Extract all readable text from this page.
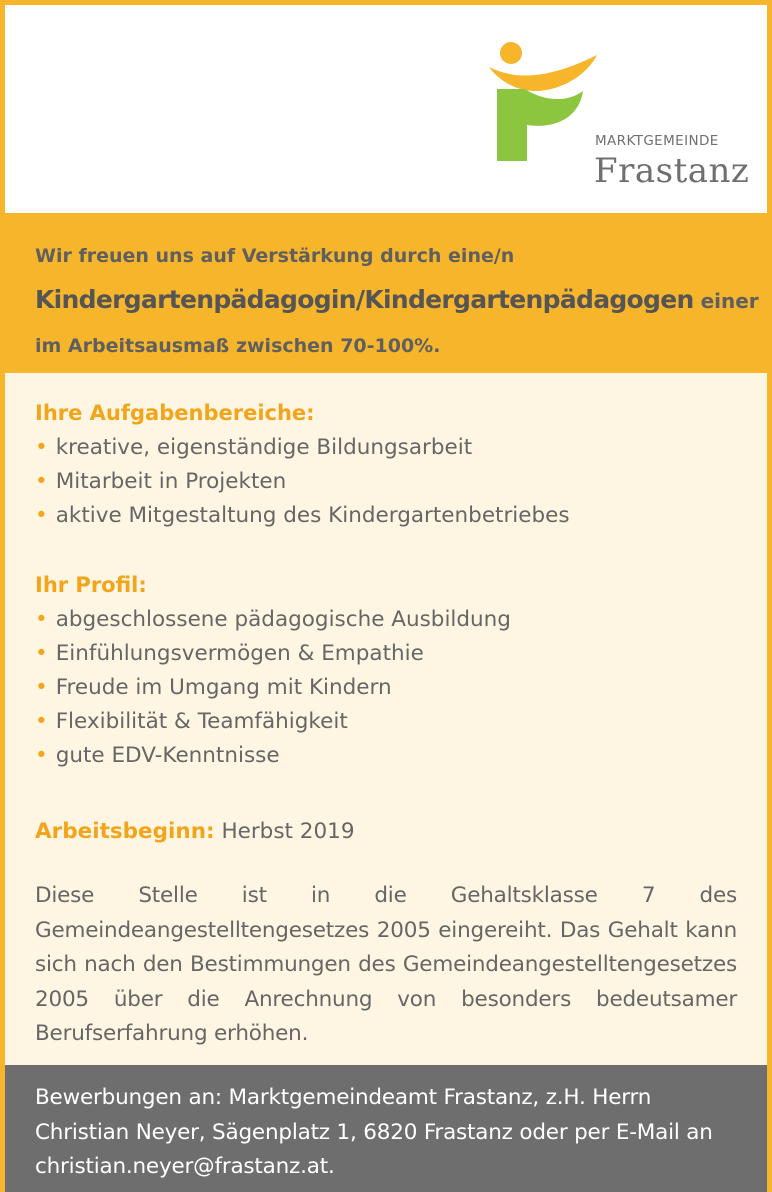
MARKTGEMEINDE
Frastanz
Wir freuen uns auf Verstärkung durch eine/n
Kindergartenpädagogin/Kindergartenpädagogen einer
im Arbeitsausmaß zwischen 70-100%.
Ihre Aufgabenbereiche:
• kreative, eigenständige Bildungsarbeit
• Mitarbeit in Projekten
• aktive Mitgestaltung des Kindergartenbetriebes
Ihr Profil:
• abgeschlossene pädagogische Ausbildung
• Einfühlungsvermögen & Empathie
• Freude im Umgang mit Kindern
• Flexibilität & Teamfähigkeit
• gute EDV-Kenntnisse
Arbeitsbeginn: Herbst 2019

Diese Stelle ist in die Gehaltsklasse 7 des Gemeindeangestelltengesetzes 2005 eingereiht. Das Gehalt kann sich nach den Bestimmungen des Gemeindeangestelltengesetzes 2005 über die Anrechnung von besonders bedeutsamer Berufserfahrung erhöhen.

Bewerbungen an: Marktgemeindeamt Frastanz, z.H. Herrn Christian Neyer, Sägenplatz 1, 6820 Frastanz oder per E-Mail an christian.neyer@frastanz.at.
